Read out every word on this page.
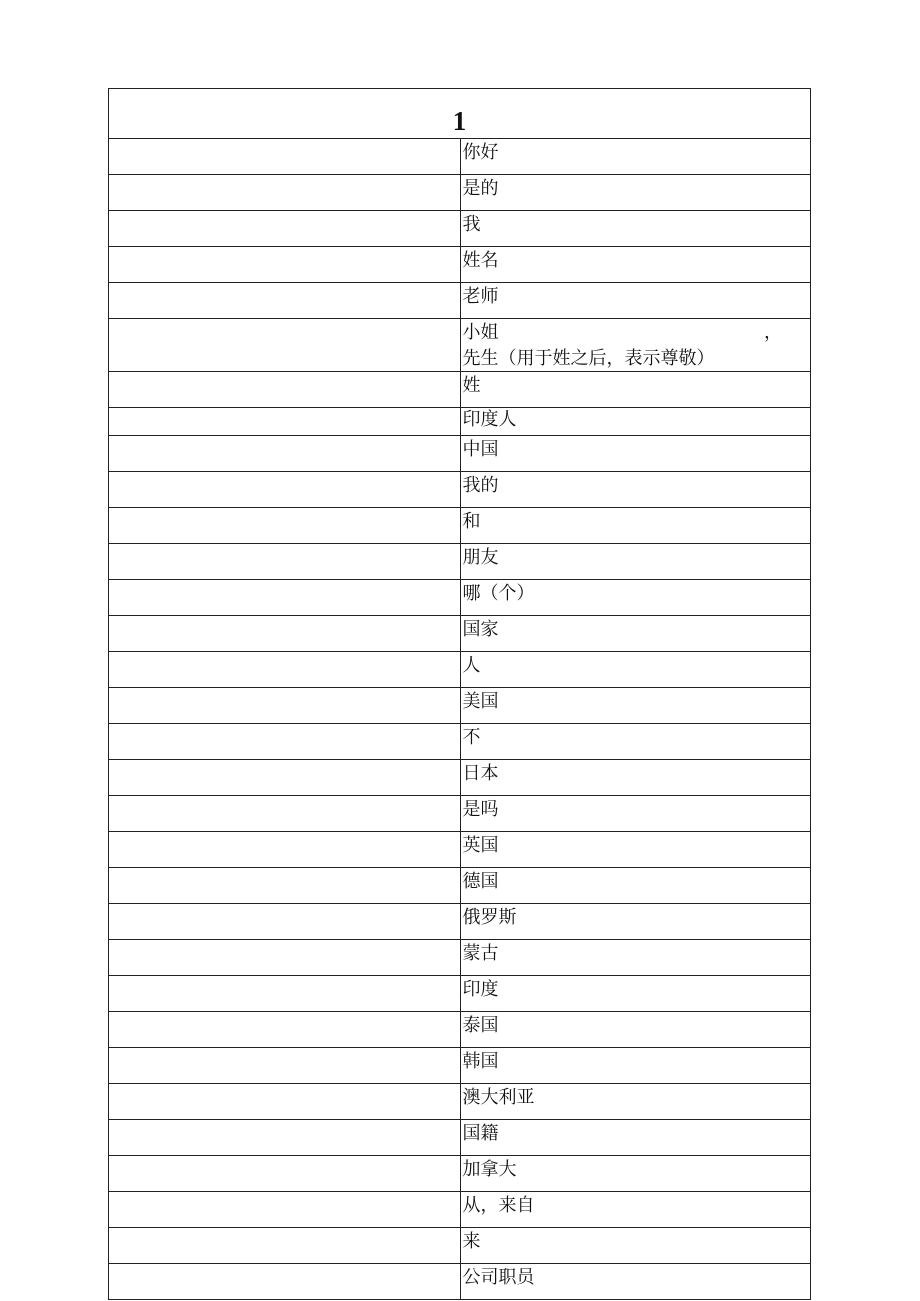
1	
	你好
	是的
	我
	姓名
	老师

	小姐 ，
先生（用于姓之后，表示尊敬）

	姓
	印度人
	中国
	我的
	和
	朋友
	哪（个）
	国家
	人
	美国
	不
	日本
	是吗
	英国
	德国
	俄罗斯
	蒙古
	印度
	泰国
	韩国
	澳大利亚
	国籍
	加拿大
	从，来自
	来
	公司职员
